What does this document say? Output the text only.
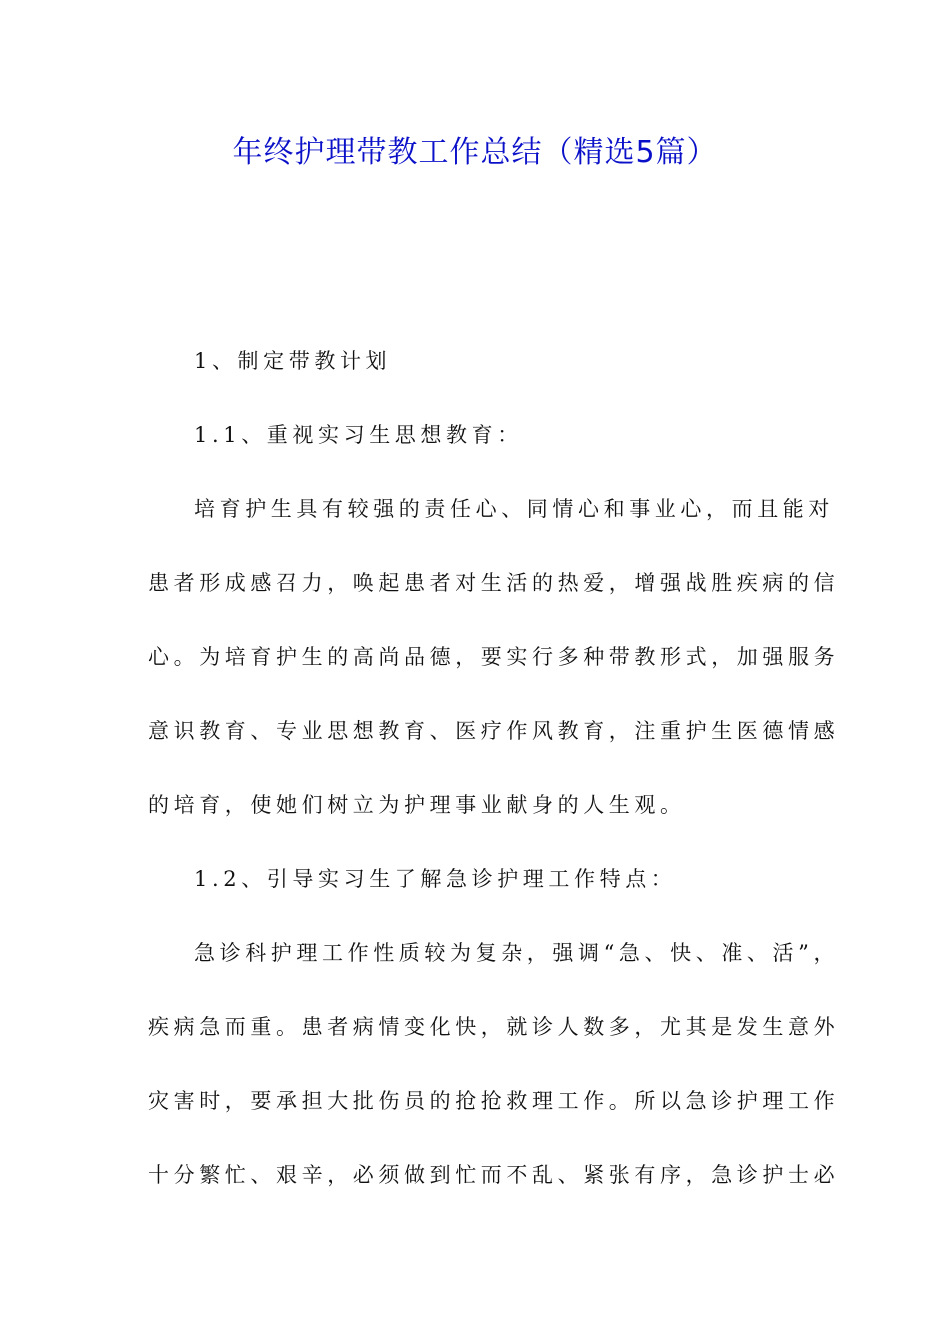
年终护理带教工作总结（精选5篇）
1、制定带教计划
1.1、重视实习生思想教育：
培育护生具有较强的责任心、同情心和事业心，而且能对
患者形成感召力，唤起患者对生活的热爱，增强战胜疾病的信
心。为培育护生的高尚品德，要实行多种带教形式，加强服务
意识教育、专业思想教育、医疗作风教育，注重护生医德情感
的培育，使她们树立为护理事业献身的人生观。
1.2、引导实习生了解急诊护理工作特点：
急诊科护理工作性质较为复杂，强调“急、快、准、活”，
疾病急而重。患者病情变化快，就诊人数多，尤其是发生意外
灾害时，要承担大批伤员的抢抢救理工作。所以急诊护理工作
十分繁忙、艰辛，必须做到忙而不乱、紧张有序，急诊护士必
